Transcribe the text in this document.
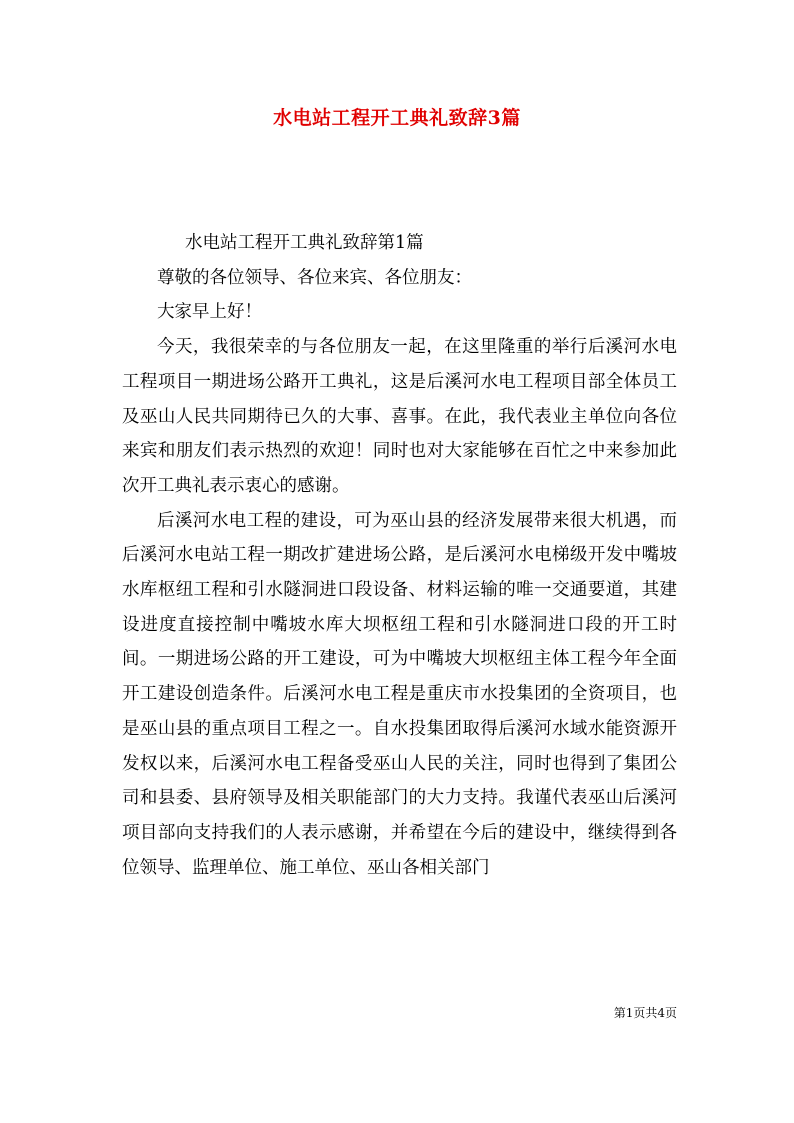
水电站工程开工典礼致辞3篇

水电站工程开工典礼致辞第1篇

尊敬的各位领导、各位来宾、各位朋友：

大家早上好！

今天，我很荣幸的与各位朋友一起，在这里隆重的举行后溪河水电工程项目一期进场公路开工典礼，这是后溪河水电工程项目部全体员工及巫山人民共同期待已久的大事、喜事。在此，我代表业主单位向各位来宾和朋友们表示热烈的欢迎！同时也对大家能够在百忙之中来参加此次开工典礼表示衷心的感谢。

后溪河水电工程的建设，可为巫山县的经济发展带来很大机遇，而后溪河水电站工程一期改扩建进场公路，是后溪河水电梯级开发中嘴坡水库枢纽工程和引水隧洞进口段设备、材料运输的唯一交通要道，其建设进度直接控制中嘴坡水库大坝枢纽工程和引水隧洞进口段的开工时间。一期进场公路的开工建设，可为中嘴坡大坝枢纽主体工程今年全面开工建设创造条件。后溪河水电工程是重庆市水投集团的全资项目，也是巫山县的重点项目工程之一。自水投集团取得后溪河水域水能资源开发权以来，后溪河水电工程备受巫山人民的关注，同时也得到了集团公司和县委、县府领导及相关职能部门的大力支持。我谨代表巫山后溪河项目部向支持我们的人表示感谢，并希望在今后的建设中，继续得到各位领导、监理单位、施工单位、巫山各相关部门

第1页共4页
